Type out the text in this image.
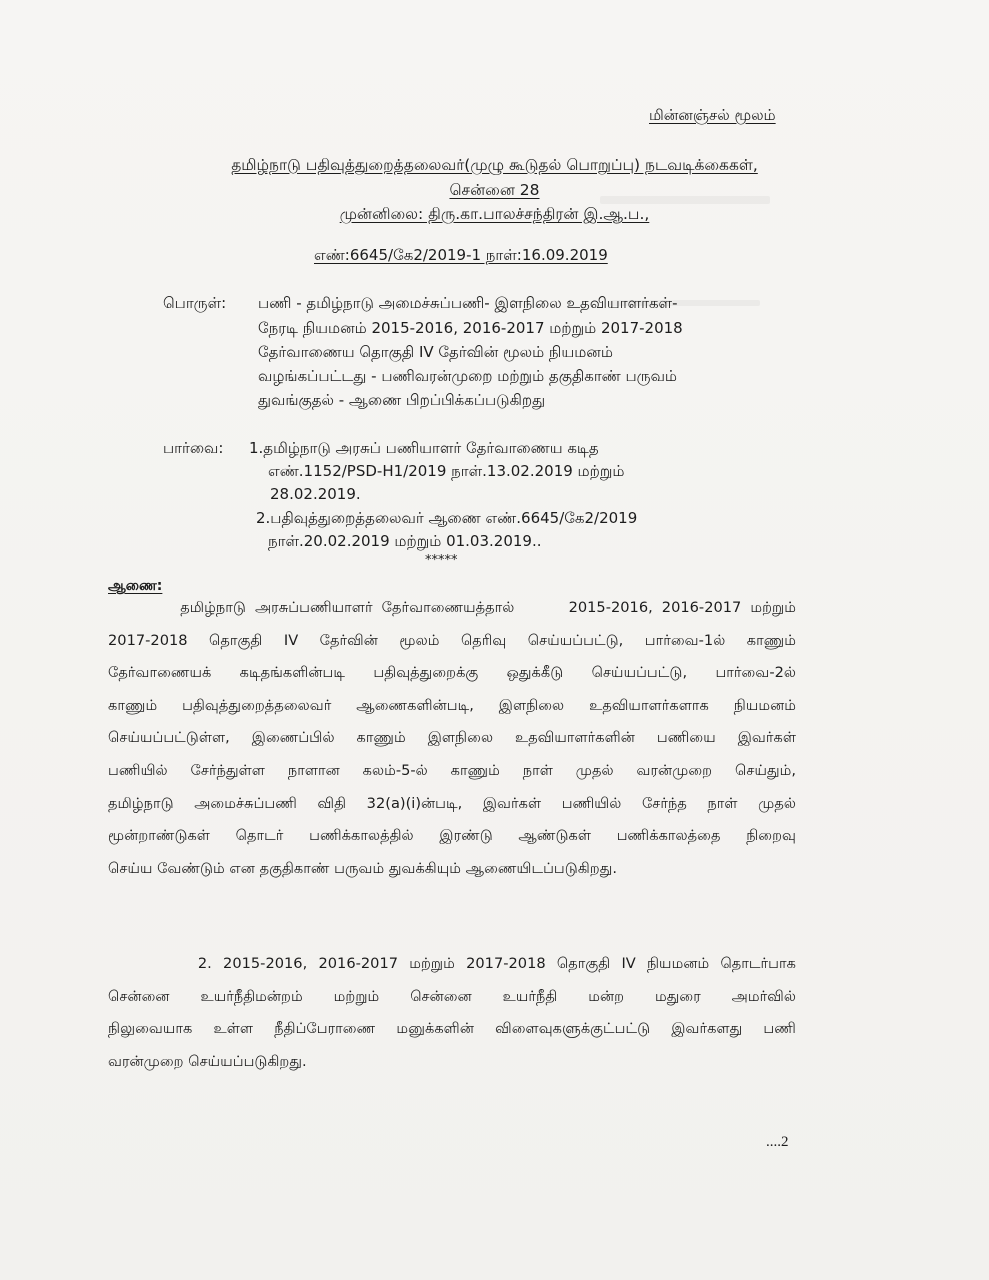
மின்னஞ்சல் மூலம்
தமிழ்நாடு பதிவுத்துறைத்தலைவர்(முழு கூடுதல் பொறுப்பு) நடவடிக்கைகள்,
சென்னை 28
முன்னிலை: திரு.கா.பாலச்சந்திரன் இ.ஆ.ப.,
எண்:6645/கே2/2019-1 நாள்:16.09.2019
பொருள்: பணி - தமிழ்நாடு அமைச்சுப்பணி- இளநிலை உதவியாளர்கள்-
நேரடி நியமனம் 2015-2016, 2016-2017 மற்றும் 2017-2018
தேர்வாணைய தொகுதி IV தேர்வின் மூலம் நியமனம்
வழங்கப்பட்டது - பணிவரன்முறை மற்றும் தகுதிகாண் பருவம்
துவங்குதல் - ஆணை பிறப்பிக்கப்படுகிறது
பார்வை: 1.தமிழ்நாடு அரசுப் பணியாளர் தேர்வாணைய கடித
எண்.1152/PSD-H1/2019 நாள்.13.02.2019 மற்றும்
28.02.2019.
2.பதிவுத்துறைத்தலைவர் ஆணை எண்.6645/கே2/2019
நாள்.20.02.2019 மற்றும் 01.03.2019..
*****
ஆணை:
தமிழ்நாடு அரசுப்பணியாளர் தேர்வாணையத்தால்      2015-2016, 2016-2017 மற்றும்
2017-2018 தொகுதி IV தேர்வின் மூலம் தெரிவு செய்யப்பட்டு, பார்வை-1ல் காணும்
தேர்வாணையக் கடிதங்களின்படி பதிவுத்துறைக்கு ஒதுக்கீடு செய்யப்பட்டு, பார்வை-2ல்
காணும் பதிவுத்துறைத்தலைவர் ஆணைகளின்படி, இளநிலை உதவியாளர்களாக நியமனம்
செய்யப்பட்டுள்ள, இணைப்பில் காணும் இளநிலை உதவியாளர்களின் பணியை இவர்கள்
பணியில் சேர்ந்துள்ள நாளான கலம்-5-ல் காணும் நாள் முதல் வரன்முறை செய்தும்,
தமிழ்நாடு அமைச்சுப்பணி விதி 32(a)(i)ன்படி, இவர்கள் பணியில் சேர்ந்த நாள் முதல்
மூன்றாண்டுகள் தொடர் பணிக்காலத்தில் இரண்டு ஆண்டுகள் பணிக்காலத்தை நிறைவு
செய்ய வேண்டும் என தகுதிகாண் பருவம் துவக்கியும் ஆணையிடப்படுகிறது.
2. 2015-2016, 2016-2017 மற்றும் 2017-2018 தொகுதி IV நியமனம் தொடர்பாக
சென்னை உயர்நீதிமன்றம் மற்றும் சென்னை உயர்நீதி மன்ற மதுரை அமர்வில்
நிலுவையாக உள்ள நீதிப்பேராணை மனுக்களின் விளைவுகளுக்குட்பட்டு இவர்களது பணி
வரன்முறை செய்யப்படுகிறது.
....2
